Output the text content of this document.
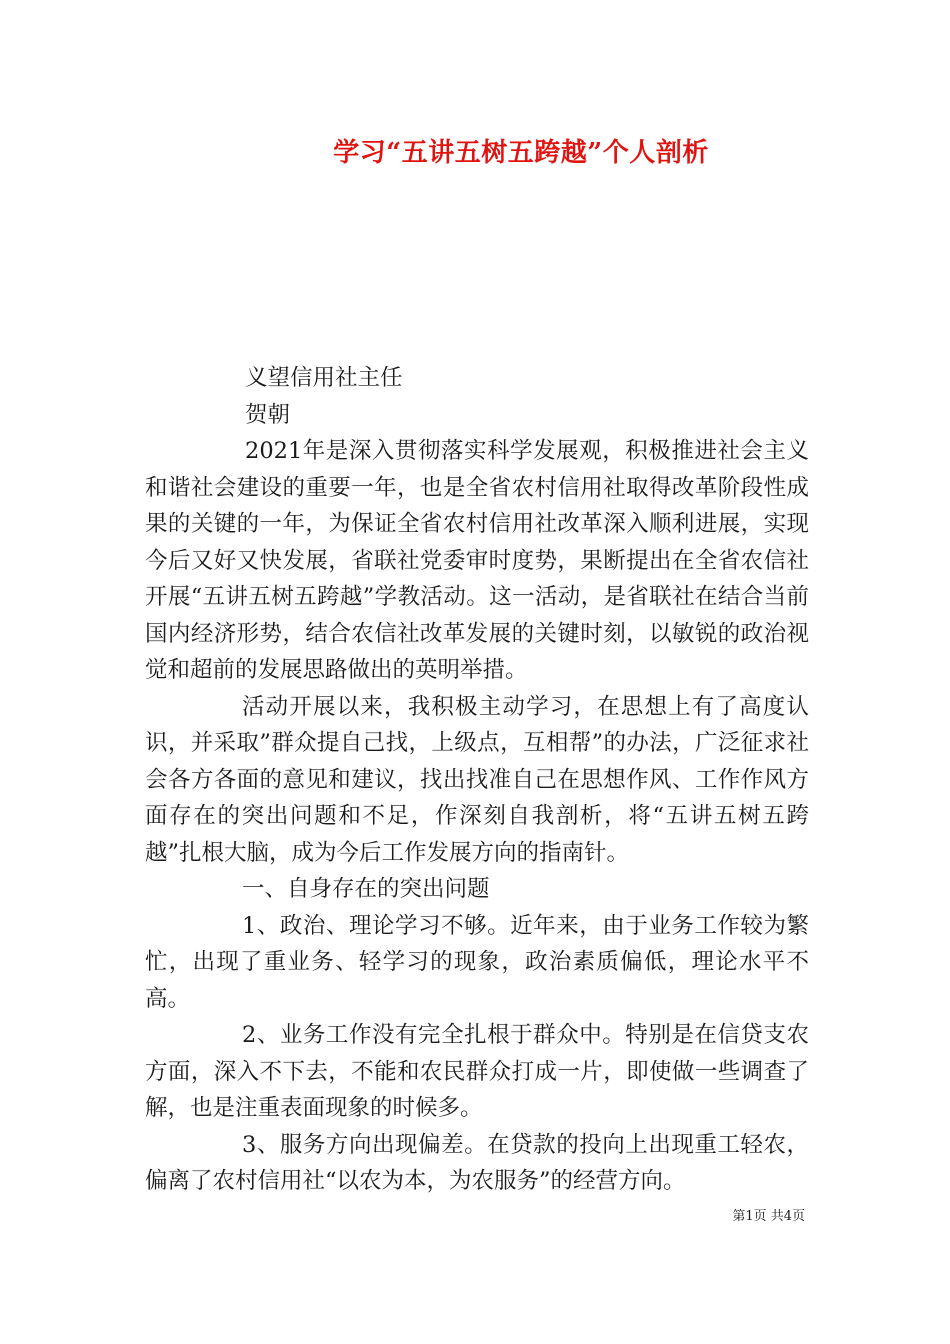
学习“五讲五树五跨越”个人剖析

义望信用社主任

贺朝

2021年是深入贯彻落实科学发展观，积极推进社会主义和谐社会建设的重要一年，也是全省农村信用社取得改革阶段性成果的关键的一年，为保证全省农村信用社改革深入顺利进展，实现今后又好又快发展，省联社党委审时度势，果断提出在全省农信社开展“五讲五树五跨越”学教活动。这一活动，是省联社在结合当前国内经济形势，结合农信社改革发展的关键时刻，以敏锐的政治视觉和超前的发展思路做出的英明举措。

活动开展以来，我积极主动学习，在思想上有了高度认识，并采取”群众提自己找，上级点，互相帮”的办法，广泛征求社会各方各面的意见和建议，找出找准自己在思想作风、工作作风方面存在的突出问题和不足，作深刻自我剖析，将“五讲五树五跨越”扎根大脑，成为今后工作发展方向的指南针。

一、自身存在的突出问题

1、政治、理论学习不够。近年来，由于业务工作较为繁忙，出现了重业务、轻学习的现象，政治素质偏低，理论水平不高。

2、业务工作没有完全扎根于群众中。特别是在信贷支农方面，深入不下去，不能和农民群众打成一片，即使做一些调查了解，也是注重表面现象的时候多。

3、服务方向出现偏差。在贷款的投向上出现重工轻农，偏离了农村信用社“以农为本，为农服务”的经营方向。

第1页 共4页
